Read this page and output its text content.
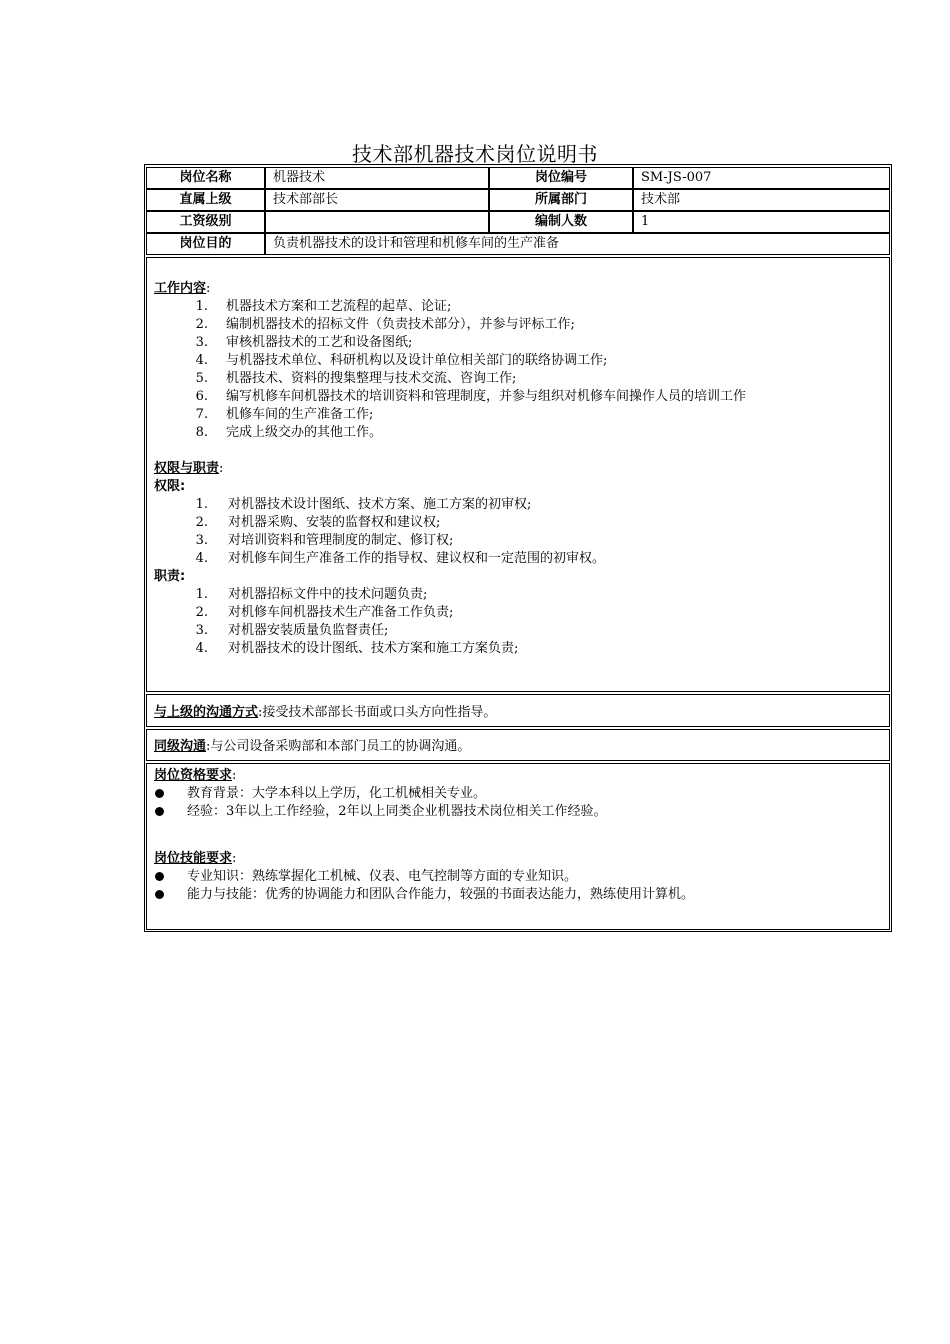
技术部机器技术岗位说明书
岗位名称	机器技术	岗位编号	SM-JS-007
直属上级	技术部部长	所属部门	技术部
工资级别		编制人数	1
岗位目的	负责机器技术的设计和管理和机修车间的生产准备		
工作内容:
1. 机器技术方案和工艺流程的起草、论证;
2. 编制机器技术的招标文件（负责技术部分），并参与评标工作;
3. 审核机器技术的工艺和设备图纸;
4. 与机器技术单位、科研机构以及设计单位相关部门的联络协调工作;
5. 机器技术、资料的搜集整理与技术交流、咨询工作;
6. 编写机修车间机器技术的培训资料和管理制度，并参与组织对机修车间操作人员的培训工作
7. 机修车间的生产准备工作;
8. 完成上级交办的其他工作。
权限与职责:
权限:
1. 对机器技术设计图纸、技术方案、施工方案的初审权;
2. 对机器采购、安装的监督权和建议权;
3. 对培训资料和管理制度的制定、修订权;
4. 对机修车间生产准备工作的指导权、建议权和一定范围的初审权。
职责:
1. 对机器招标文件中的技术问题负责;
2. 对机修车间机器技术生产准备工作负责;
3. 对机器安装质量负监督责任;
4. 对机器技术的设计图纸、技术方案和施工方案负责;
与上级的沟通方式:接受技术部部长书面或口头方向性指导。
同级沟通:与公司设备采购部和本部门员工的协调沟通。
岗位资格要求:
教育背景：大学本科以上学历，化工机械相关专业。
经验：3年以上工作经验，2年以上同类企业机器技术岗位相关工作经验。
岗位技能要求:
专业知识：熟练掌握化工机械、仪表、电气控制等方面的专业知识。
能力与技能：优秀的协调能力和团队合作能力，较强的书面表达能力，熟练使用计算机。
